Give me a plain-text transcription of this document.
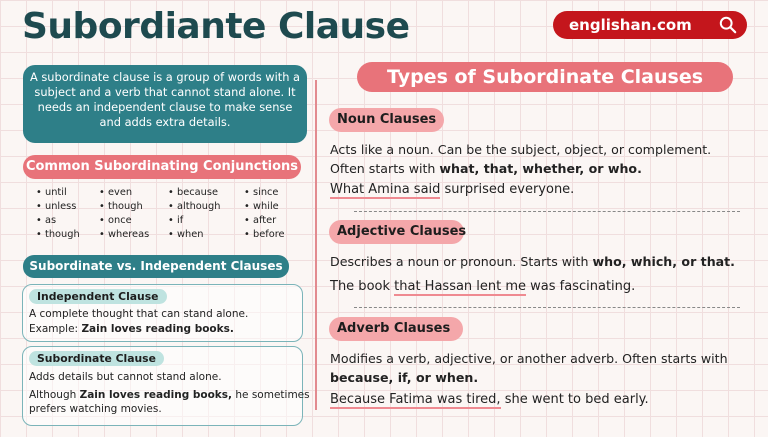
Subordiante Clause	englishan.com
A subordinate clause is a group of words with a subject and a verb that cannot stand alone. It needs an independent clause to make sense and adds extra details.
Common Subordinating Conjunctions
• until
• unless
• as
• though
• even
• though
• once
• whereas
• because
• although
• if
• when
• since
• while
• after
• before
Subordinate vs. Independent Clauses
Independent Clause

A complete thought that can stand alone.

Example: Zain loves reading books.

Subordinate Clause

Adds details but cannot stand alone.

Although Zain loves reading books, he sometimes

prefers watching movies.

Types of Subordinate Clauses
Noun Clauses
Acts like a noun. Can be the subject, object, or complement.
Often starts with what, that, whether, or who.
What Amina said surprised everyone.
Adjective Clauses
Describes a noun or pronoun. Starts with who, which, or that.
The book that Hassan lent me was fascinating.
Adverb Clauses
Modifies a verb, adjective, or another adverb. Often starts with
because, if, or when.
Because Fatima was tired, she went to bed early.
